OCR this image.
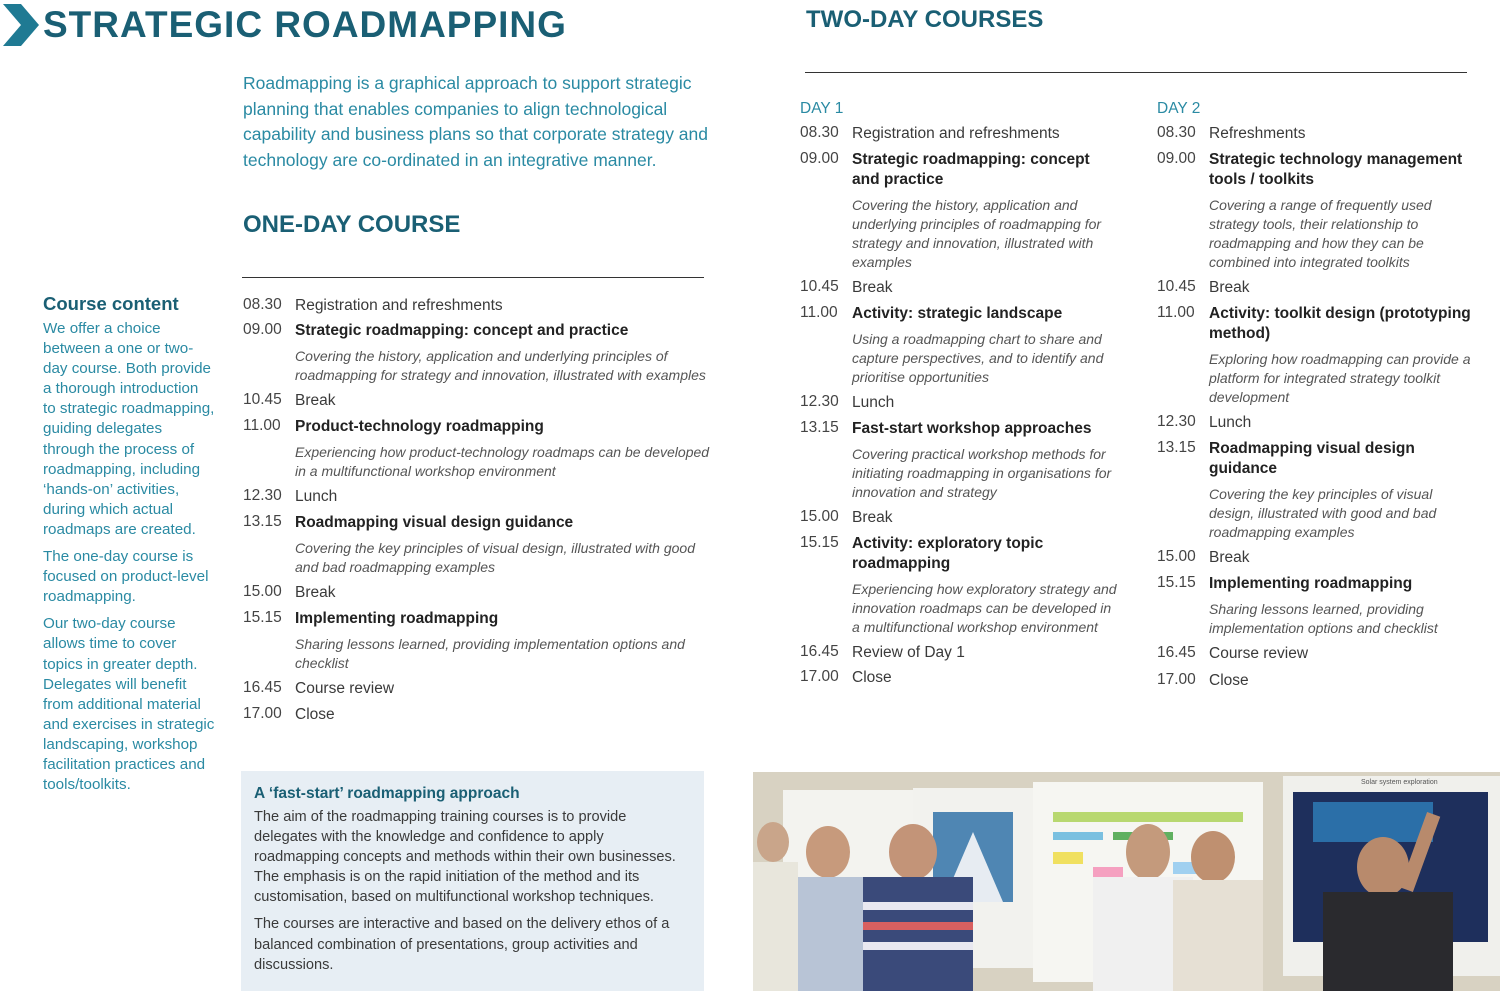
STRATEGIC ROADMAPPING
Roadmapping is a graphical approach to support strategic planning that enables companies to align technological capability and business plans so that corporate strategy and technology are co-ordinated in an integrative manner.
ONE-DAY COURSE
Course content
We offer a choice between a one or two-day course. Both provide a thorough introduction to strategic roadmapping, guiding delegates through the process of roadmapping, including ‘hands-on’ activities, during which actual roadmaps are created.
The one-day course is focused on product-level roadmapping.
Our two-day course allows time to cover topics in greater depth. Delegates will benefit from additional material and exercises in strategic landscaping, workshop facilitation practices and tools/toolkits.
08.30 Registration and refreshments
09.00 Strategic roadmapping: concept and practice
Covering the history, application and underlying principles of roadmapping for strategy and innovation, illustrated with examples
10.45 Break
11.00 Product-technology roadmapping
Experiencing how product-technology roadmaps can be developed in a multifunctional workshop environment
12.30 Lunch
13.15 Roadmapping visual design guidance
Covering the key principles of visual design, illustrated with good and bad roadmapping examples
15.00 Break
15.15 Implementing roadmapping
Sharing lessons learned, providing implementation options and checklist
16.45 Course review
17.00 Close
TWO-DAY COURSES
DAY 1	DAY 2
08.30 Registration and refreshments
09.00 Strategic roadmapping: concept and practice
Covering the history, application and underlying principles of roadmapping for strategy and innovation, illustrated with examples
10.45 Break
11.00 Activity: strategic landscape
Using a roadmapping chart to share and capture perspectives, and to identify and prioritise opportunities
12.30 Lunch
13.15 Fast-start workshop approaches
Covering practical workshop methods for initiating roadmapping in organisations for innovation and strategy
15.00 Break
15.15 Activity: exploratory topic roadmapping
Experiencing how exploratory strategy and innovation roadmaps can be developed in a multifunctional workshop environment
16.45 Review of Day 1
17.00 Close
08.30 Refreshments
09.00 Strategic technology management tools / toolkits
Covering a range of frequently used strategy tools, their relationship to roadmapping and how they can be combined into integrated toolkits
10.45 Break
11.00 Activity: toolkit design (prototyping method)
Exploring how roadmapping can provide a platform for integrated strategy toolkit development
12.30 Lunch
13.15 Roadmapping visual design guidance
Covering the key principles of visual design, illustrated with good and bad roadmapping examples
15.00 Break
15.15 Implementing roadmapping
Sharing lessons learned, providing implementation options and checklist
16.45 Course review
17.00 Close
A ‘fast-start’ roadmapping approach
The aim of the roadmapping training courses is to provide delegates with the knowledge and confidence to apply roadmapping concepts and methods within their own businesses. The emphasis is on the rapid initiation of the method and its customisation, based on multifunctional workshop techniques.
The courses are interactive and based on the delivery ethos of a balanced combination of presentations, group activities and discussions.
Solar system exploration
